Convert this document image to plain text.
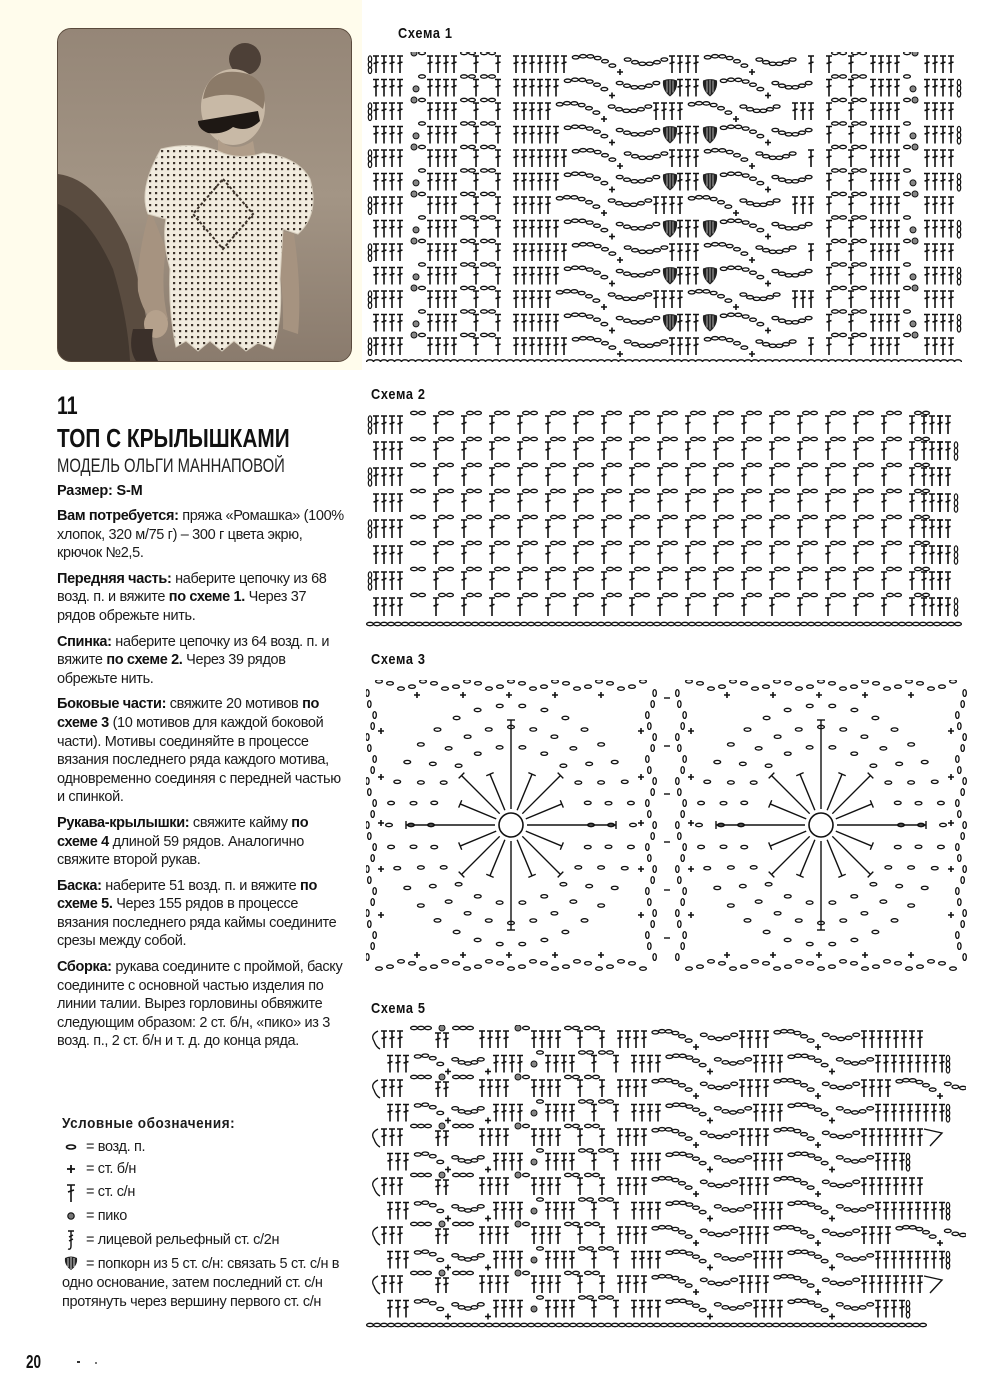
11
ТОП С КРЫЛЫШКАМИ
МОДЕЛЬ ОЛЬГИ МАННАПОВОЙ
Размер: S-M
Вам потребуется: пряжа «Ромашка» (100% хлопок, 320 м/75 г) – 300 г цвета экрю, крючок №2,5.
Передняя часть: наберите цепочку из 68 возд. п. и вяжите по схеме 1. Через 37 рядов обрежьте нить.
Спинка: наберите цепочку из 64 возд. п. и вяжите по схеме 2. Через 39 рядов обрежьте нить.
Боковые части: свяжите 20 мотивов по схеме 3 (10 мотивов для каждой боковой части). Мотивы соединяйте в процессе вязания последнего ряда каждого мотива, одновременно соединяя с передней частью и спинкой.
Рукава-крылышки: свяжите кайму по схеме 4 длиной 59 рядов. Аналогично свяжите второй рукав.
Баска: наберите 51 возд. п. и вяжите по схеме 5. Через 155 рядов в процессе вязания последнего ряда каймы соедините срезы между собой.
Сборка: рукава соедините с проймой, баску соедините с основной частью изделия по линии талии. Вырез горловины обвяжите следующим образом: 2 ст. б/н, «пико» из 3 возд. п., 2 ст. б/н и т. д. до конца ряда.
Условные обозначения:
= возд. п.
= ст. б/н
= ст. с/н
= пико
= лицевой рельефный ст. с/2н
= попкорн из 5 ст. с/н: связать 5 ст. с/н в одно основание, затем последний ст. с/н протянуть через вершину первого ст. с/н
20
Схема 1
Схема 2
Схема 3
Схема 5
